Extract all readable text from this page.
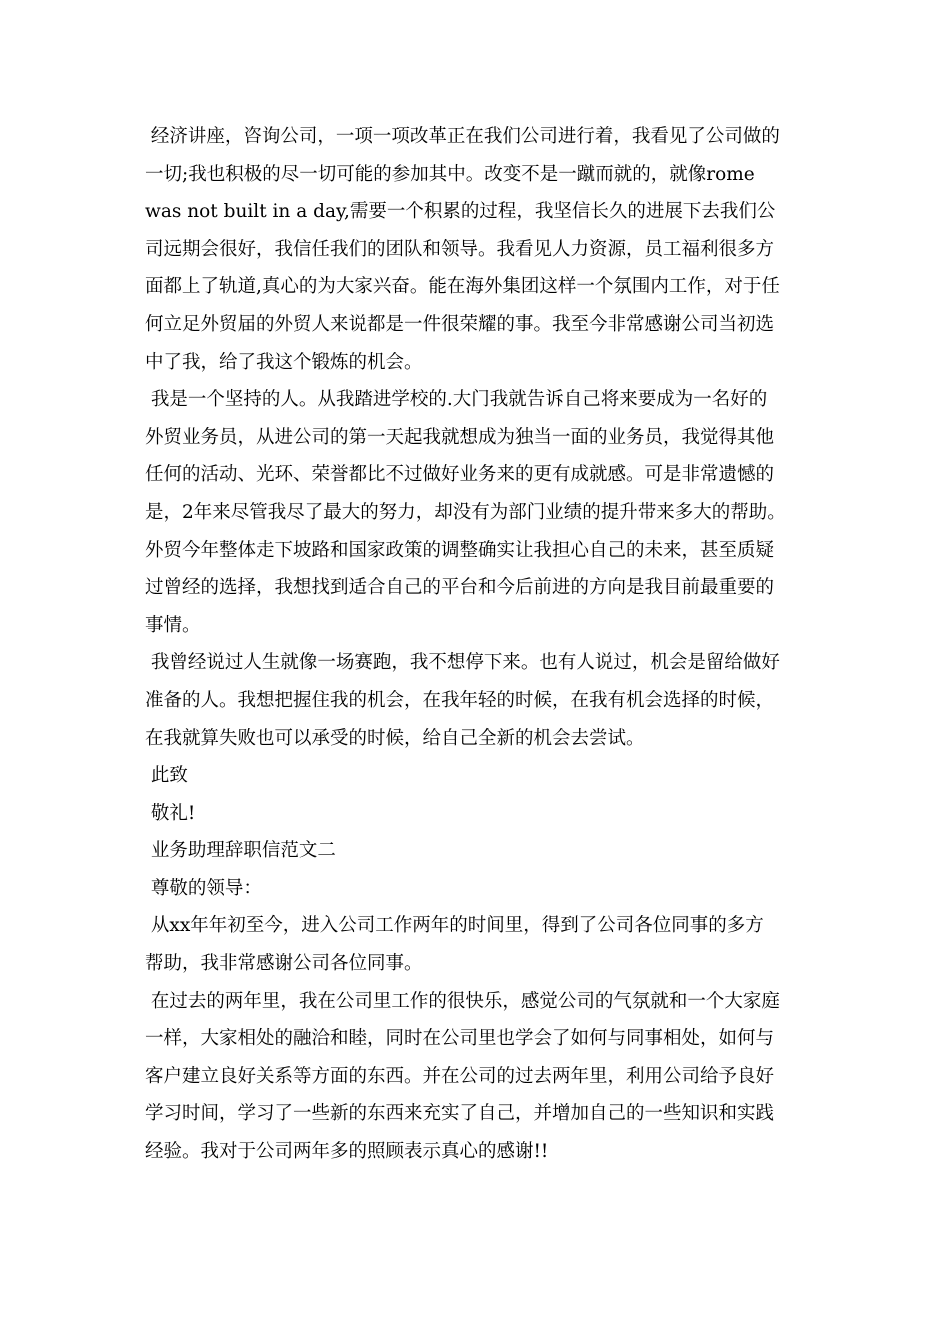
经济讲座，咨询公司，一项一项改革正在我们公司进行着，我看见了公司做的
一切;我也积极的尽一切可能的参加其中。改变不是一蹴而就的，就像rome
was not built in a day,需要一个积累的过程，我坚信长久的进展下去我们公
司远期会很好，我信任我们的团队和领导。我看见人力资源，员工福利很多方
面都上了轨道,真心的为大家兴奋。能在海外集团这样一个氛围内工作，对于任
何立足外贸届的外贸人来说都是一件很荣耀的事。我至今非常感谢公司当初选
中了我，给了我这个锻炼的机会。
我是一个坚持的人。从我踏进学校的.大门我就告诉自己将来要成为一名好的
外贸业务员，从进公司的第一天起我就想成为独当一面的业务员，我觉得其他
任何的活动、光环、荣誉都比不过做好业务来的更有成就感。可是非常遗憾的
是，2年来尽管我尽了最大的努力，却没有为部门业绩的提升带来多大的帮助。
外贸今年整体走下坡路和国家政策的调整确实让我担心自己的未来，甚至质疑
过曾经的选择，我想找到适合自己的平台和今后前进的方向是我目前最重要的
事情。
我曾经说过人生就像一场赛跑，我不想停下来。也有人说过，机会是留给做好
准备的人。我想把握住我的机会，在我年轻的时候，在我有机会选择的时候，
在我就算失败也可以承受的时候，给自己全新的机会去尝试。
此致
敬礼!
业务助理辞职信范文二
尊敬的领导：
从xx年年初至今，进入公司工作两年的时间里，得到了公司各位同事的多方
帮助，我非常感谢公司各位同事。
在过去的两年里，我在公司里工作的很快乐，感觉公司的气氛就和一个大家庭
一样，大家相处的融洽和睦，同时在公司里也学会了如何与同事相处，如何与
客户建立良好关系等方面的东西。并在公司的过去两年里，利用公司给予良好
学习时间，学习了一些新的东西来充实了自己，并增加自己的一些知识和实践
经验。我对于公司两年多的照顾表示真心的感谢!!
